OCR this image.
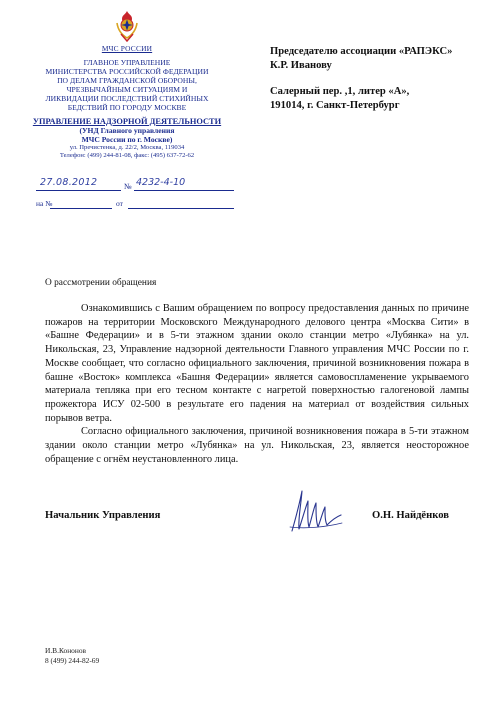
МЧС РОССИИ
ГЛАВНОЕ УПРАВЛЕНИЕ
МИНИСТЕРСТВА РОССИЙСКОЙ ФЕДЕРАЦИИ
ПО ДЕЛАМ ГРАЖДАНСКОЙ ОБОРОНЫ,
ЧРЕЗВЫЧАЙНЫМ СИТУАЦИЯМ И
ЛИКВИДАЦИИ ПОСЛЕДСТВИЙ СТИХИЙНЫХ
БЕДСТВИЙ ПО ГОРОДУ МОСКВЕ
УПРАВЛЕНИЕ НАДЗОРНОЙ ДЕЯТЕЛЬНОСТИ
(УНД Главного управления
МЧС России по г. Москве)
ул. Пречистенка, д. 22/2, Москва, 119034
Телефон: (499) 244-81-08, факс: (495) 637-72-62
27.08.2012	№ 4232-4-10
на №	от
Председателю ассоциации «РАПЭКС»
К.Р. Иванову
Салерный пер. ,1, литер «А»,
191014, г. Санкт-Петербург
О рассмотрении обращения

Ознакомившись с Вашим обращением по вопросу предоставления данных по причине пожаров на территории Московского Международного делового центра «Москва Сити» в «Башне Федерации» и в 5-ти этажном здании около станции метро «Лубянка» на ул. Никольская, 23, Управление надзорной деятельности Главного управления МЧС России по г. Москве сообщает, что согласно официального заключения, причиной возникновения пожара в башне «Восток» комплекса «Башня Федерации» является самовоспламенение укрываемого материала тепляка при его тесном контакте с нагретой поверхностью галогеновой лампы прожектора ИСУ 02-500 в результате его падения на материал от воздействия сильных порывов ветра.

Согласно официального заключения, причиной возникновения пожара в 5-ти этажном здании около станции метро «Лубянка» на ул. Никольская, 23, является неосторожное обращение с огнём неустановленного лица.

Начальник Управления	О.Н. Найдёнков
И.В.Кононов
8 (499) 244-82-69
